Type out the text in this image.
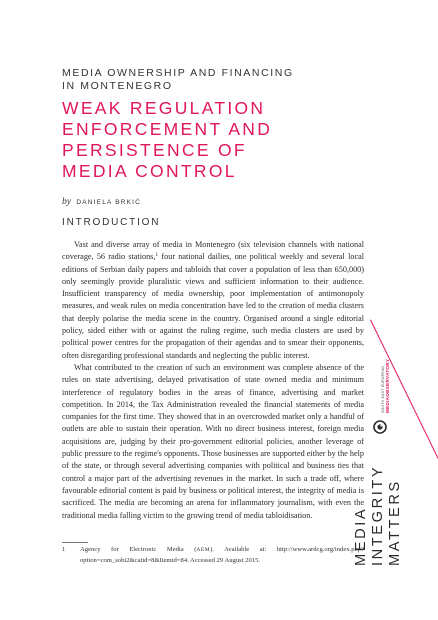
MEDIA OWNERSHIP AND FINANCING
IN MONTENEGRO

WEAK REGULATION
ENFORCEMENT AND
PERSISTENCE OF
MEDIA CONTROL
by DANIELA BRKIĆ
INTRODUCTION

Vast and diverse array of media in Montenegro (six television channels with national coverage, 56 radio stations,$^1$ four national dailies, one political weekly and several local editions of Serbian daily papers and tabloids that cover a population of less than 650,000) only seemingly provide pluralistic views and sufficient information to their audience. Insufficient transparency of media ownership, poor implementation of antimonopoly measures, and weak rules on media concentration have led to the creation of media clusters that deeply polarise the media scene in the country. Organised around a single editorial policy, sided either with or against the ruling regime, such media clusters are used by political power centres for the propagation of their agendas and to smear their opponents, often disregarding professional standards and neglecting the public interest.

What contributed to the creation of such an environment was complete absence of the rules on state advertising, delayed privatisation of state owned media and minimum interference of regulatory bodies in the areas of finance, advertising and market competition. In 2014, the Tax Administration revealed the financial statements of media companies for the first time. They showed that in an overcrowded market only a handful of outlets are able to sustain their operation. With no direct business interest, foreign media acquisitions are, judging by their pro-government editorial policies, another leverage of public pressure to the regime's opponents. Those businesses are supported either by the help of the state, or through several advertising companies with political and business ties that control a major part of the advertising revenues in the market. In such a trade off, where favourable editorial content is paid by business or political interest, the integrity of media is sacrificed. The media are becoming an arena for inflammatory journalism, with even the traditional media falling victim to the growing trend of media tabloidisation.

1 Agency for Electronic Media (AEM). Available at: http://www.ardcg.org/index.php?option=com_sobi2&catid=8&Itemid=84. Accessed 29 August 2015.
SOUTH EAST EUROPEAN MEDIAOBSERVATORY
MEDIA INTEGRITY MATTERS
